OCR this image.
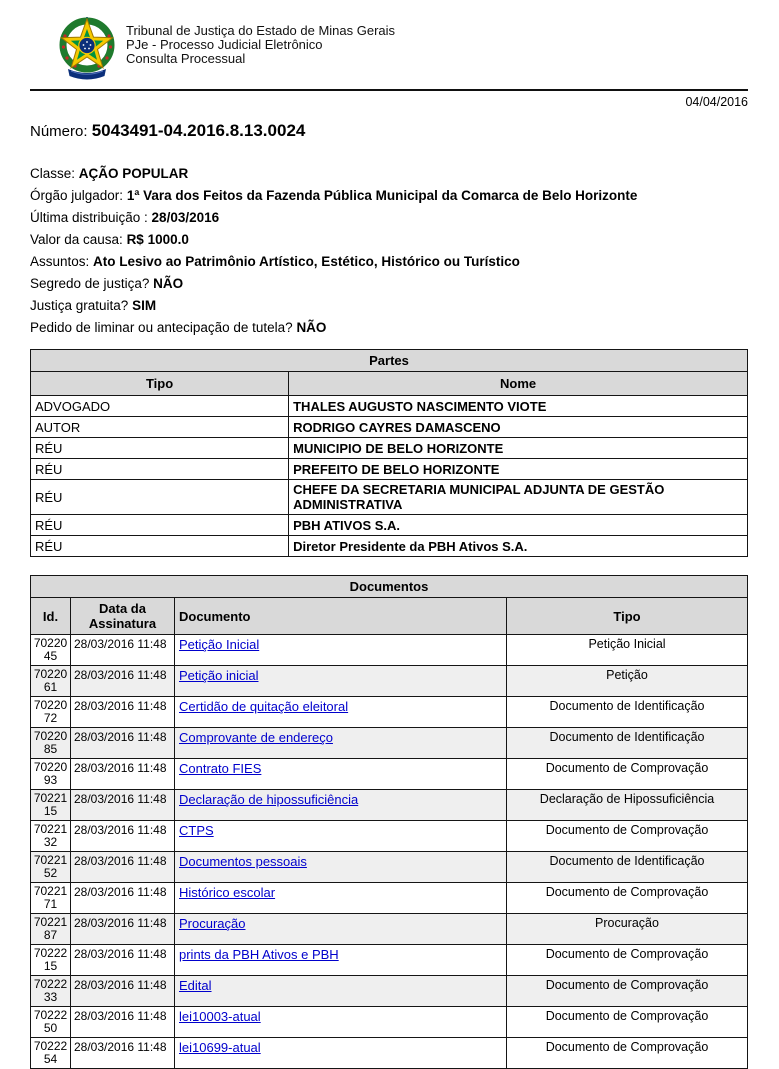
Tribunal de Justiça do Estado de Minas Gerais
PJe - Processo Judicial Eletrônico
Consulta Processual
04/04/2016
Número: 5043491-04.2016.8.13.0024
Classe: AÇÃO POPULAR
Órgão julgador: 1ª Vara dos Feitos da Fazenda Pública Municipal da Comarca de Belo Horizonte
Última distribuição : 28/03/2016
Valor da causa: R$ 1000.0
Assuntos: Ato Lesivo ao Patrimônio Artístico, Estético, Histórico ou Turístico
Segredo de justiça? NÃO
Justiça gratuita? SIM
Pedido de liminar ou antecipação de tutela? NÃO
Partes	
Tipo	Nome
ADVOGADO	THALES AUGUSTO NASCIMENTO VIOTE
AUTOR	RODRIGO CAYRES DAMASCENO
RÉU	MUNICIPIO DE BELO HORIZONTE
RÉU	PREFEITO DE BELO HORIZONTE
RÉU	CHEFE DA SECRETARIA MUNICIPAL ADJUNTA DE GESTÃO ADMINISTRATIVA
RÉU	PBH ATIVOS S.A.
RÉU	Diretor Presidente da PBH Ativos S.A.
Documentos			
Id.	Data da Assinatura	Documento	Tipo
7022045	28/03/2016 11:48	Petição Inicial	Petição Inicial
7022061	28/03/2016 11:48	Petição inicial	Petição
7022072	28/03/2016 11:48	Certidão de quitação eleitoral	Documento de Identificação
7022085	28/03/2016 11:48	Comprovante de endereço	Documento de Identificação
7022093	28/03/2016 11:48	Contrato FIES	Documento de Comprovação
7022115	28/03/2016 11:48	Declaração de hipossuficiência	Declaração de Hipossuficiência
7022132	28/03/2016 11:48	CTPS	Documento de Comprovação
7022152	28/03/2016 11:48	Documentos pessoais	Documento de Identificação
7022171	28/03/2016 11:48	Histórico escolar	Documento de Comprovação
7022187	28/03/2016 11:48	Procuração	Procuração
7022215	28/03/2016 11:48	prints da PBH Ativos e PBH	Documento de Comprovação
7022233	28/03/2016 11:48	Edital	Documento de Comprovação
7022250	28/03/2016 11:48	lei10003-atual	Documento de Comprovação
7022254	28/03/2016 11:48	lei10699-atual	Documento de Comprovação
